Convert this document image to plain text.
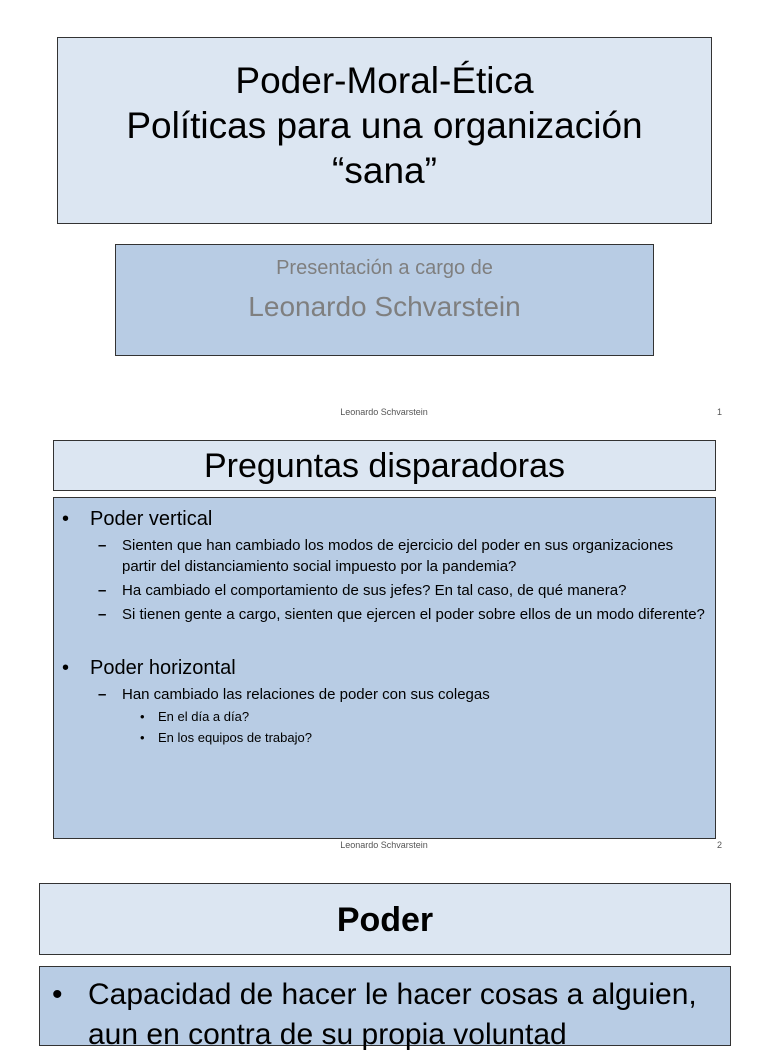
Poder-Moral-Ética
Políticas para una organización
“sana”
Presentación a cargo de
Leonardo Schvarstein
Leonardo Schvarstein	1
Preguntas disparadoras
•	Poder vertical
– Sienten que han cambiado los modos de ejercicio del poder en sus organizaciones partir del distanciamiento social impuesto por la pandemia?
– Ha cambiado el comportamiento de sus jefes? En tal caso, de qué manera?
– Si tienen gente a cargo, sienten que ejercen el poder sobre ellos de un modo diferente?
•	Poder horizontal
– Han cambiado las relaciones de poder con sus colegas
• En el día a día?
• En los equipos de trabajo?
Leonardo Schvarstein	2
Poder
• Capacidad de hacer le hacer cosas a alguien, aun en contra de su propia voluntad
